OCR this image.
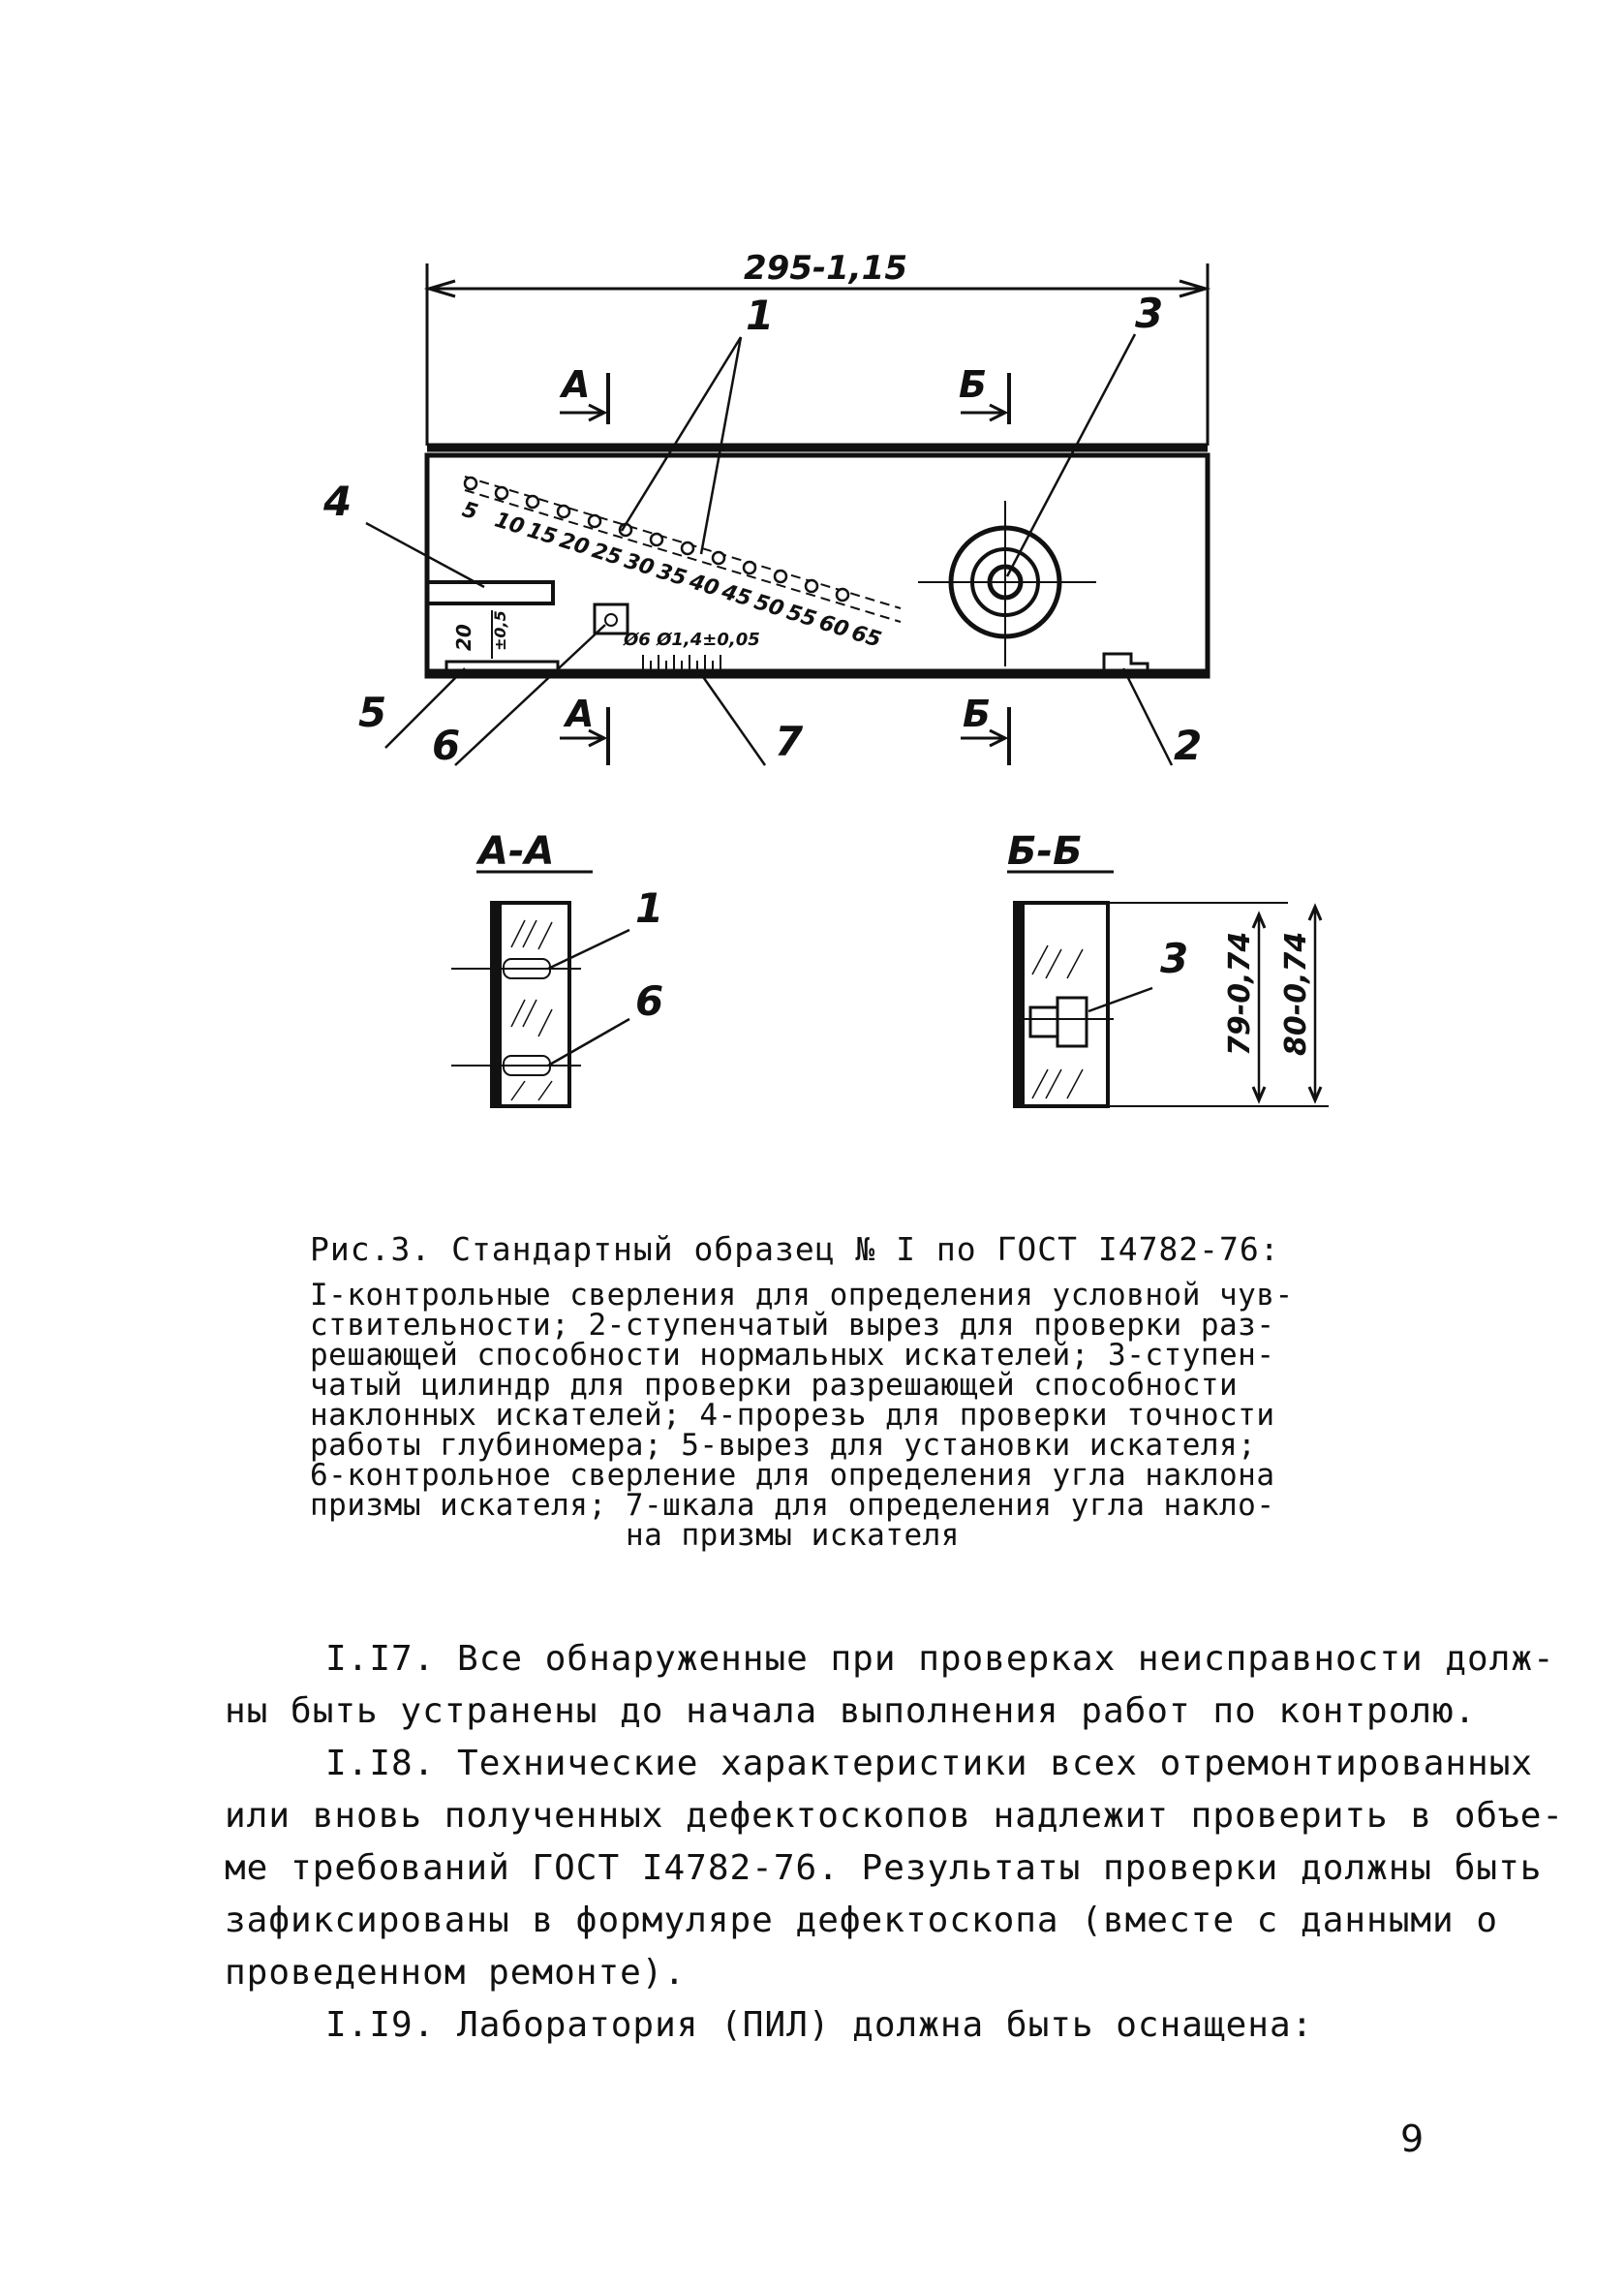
295-1,15
А	Б
А	Б
1	3
4
5
6	7	2
Ø6 Ø1,4±0,05
20 ±0,5
5 10
15
20
25
30
35
40
45
50
55
60
65
А-А
1
6
Б-Б
3 79-0,74 80-0,74
Рис.3. Стандартный образец № I по ГОСТ I4782-76:
I-контрольные сверления для определения условной чув-
ствительности; 2-ступенчатый вырез для проверки раз-
решающей способности нормальных искателей; 3-ступен-
чатый цилиндр для проверки разрешающей способности
наклонных искателей; 4-прорезь для проверки точности
работы глубиномера; 5-вырез для установки искателя;
6-контрольное сверление для определения угла наклона
призмы искателя; 7-шкала для определения угла накло-
на призмы искателя
I.I7. Все обнаруженные при проверках неисправности долж-
ны быть устранены до начала выполнения работ по контролю.
I.I8. Технические характеристики всех отремонтированных
или вновь полученных дефектоскопов надлежит проверить в объе-
ме требований ГОСТ I4782-76. Результаты проверки должны быть
зафиксированы в формуляре дефектоскопа (вместе с данными о
проведенном ремонте).
I.I9. Лаборатория (ПИЛ) должна быть оснащена:
9
